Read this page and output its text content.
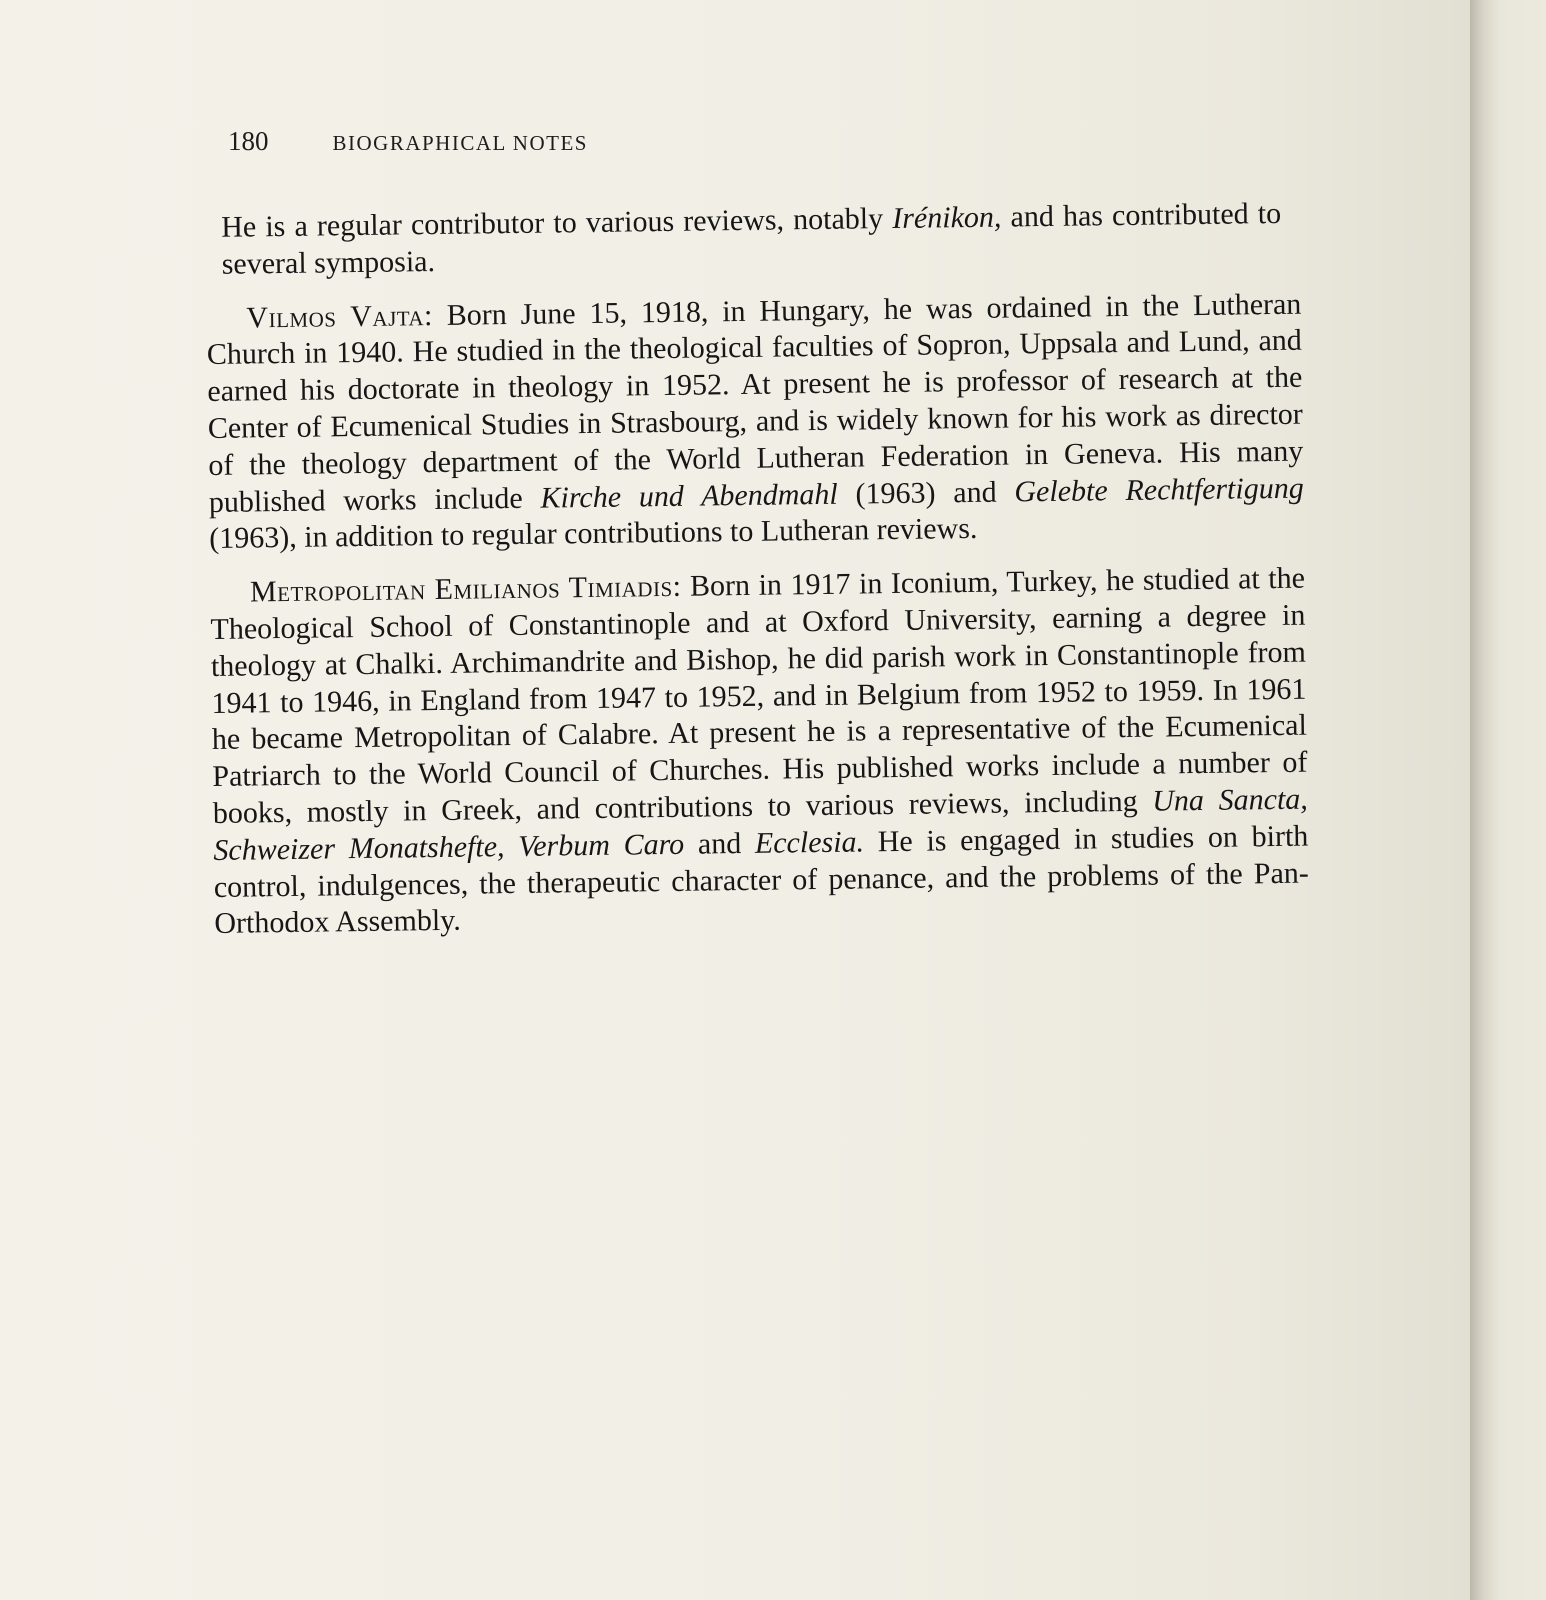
180	BIOGRAPHICAL NOTES

He is a regular contributor to various reviews, notably Irénikon, and has contributed to several symposia.

Vilmos Vajta: Born June 15, 1918, in Hungary, he was ordained in the Lutheran Church in 1940. He studied in the theological faculties of Sopron, Uppsala and Lund, and earned his doctorate in theology in 1952. At present he is professor of research at the Center of Ecumenical Studies in Strasbourg, and is widely known for his work as director of the theology department of the World Lutheran Federation in Geneva. His many published works include Kirche und Abendmahl (1963) and Gelebte Rechtfertigung (1963), in addition to regular contributions to Lutheran reviews.

Metropolitan Emilianos Timiadis: Born in 1917 in Iconium, Turkey, he studied at the Theological School of Constantinople and at Oxford University, earning a degree in theology at Chalki. Archimandrite and Bishop, he did parish work in Constantinople from 1941 to 1946, in England from 1947 to 1952, and in Belgium from 1952 to 1959. In 1961 he became Metropolitan of Calabre. At present he is a representative of the Ecumenical Patriarch to the World Council of Churches. His published works include a number of books, mostly in Greek, and contributions to various reviews, including Una Sancta, Schweizer Monatshefte, Verbum Caro and Ecclesia. He is engaged in studies on birth control, indulgences, the therapeutic character of penance, and the problems of the Pan-Orthodox Assembly.
